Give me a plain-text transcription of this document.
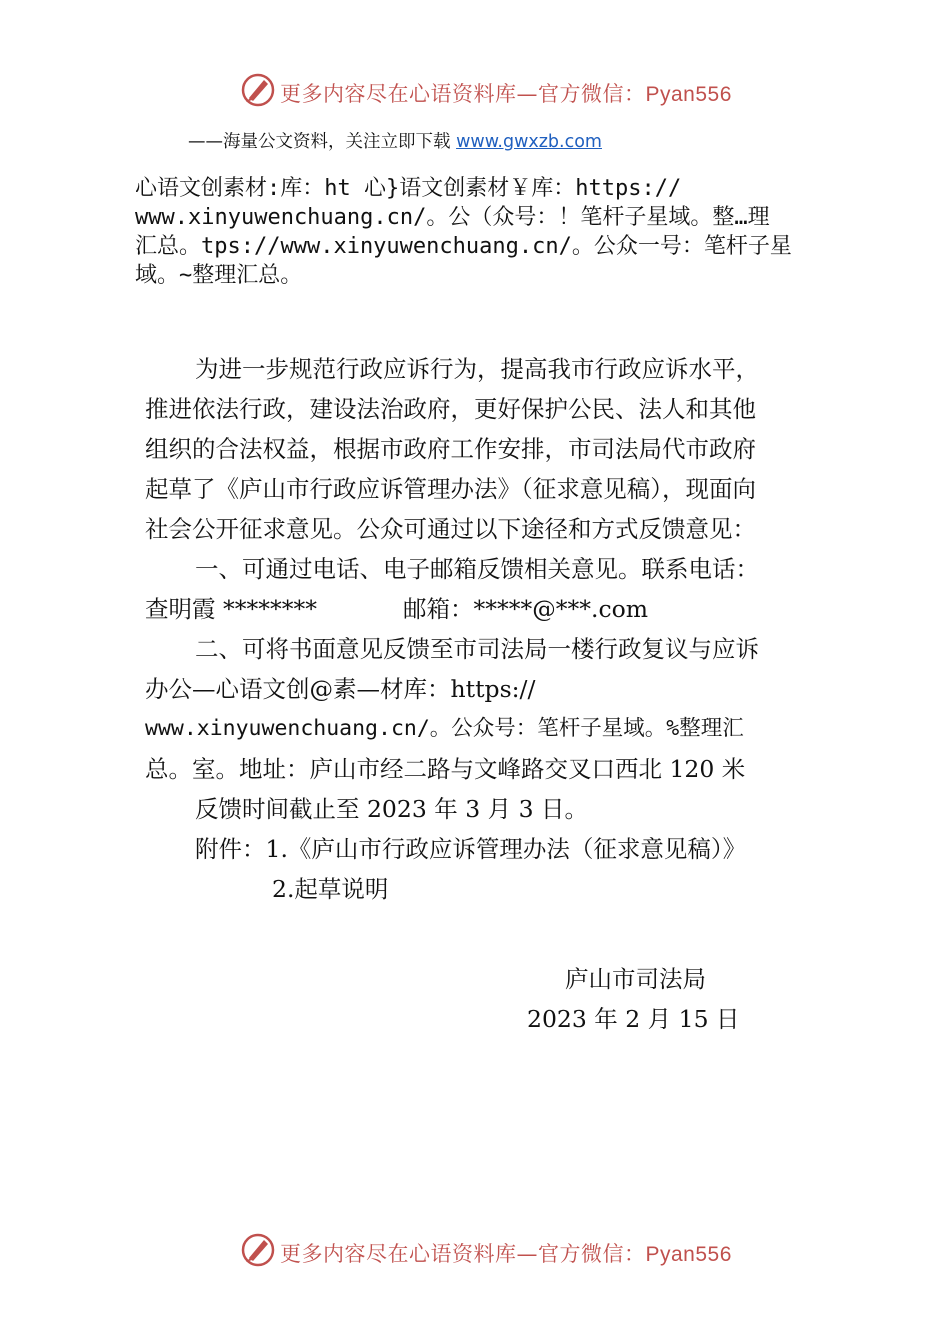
更多内容尽在心语资料库—官方微信：Pyan556
——海量公文资料，关注立即下载 www.gwxzb.com
心语文创素材:库：ht 心}语文创素材￥库：https://
www.xinyuwenchuang.cn/。公（众号：！笔杆子星域。整…理
汇总。tps://www.xinyuwenchuang.cn/。公众一号：笔杆子星
域。~整理汇总。
为进一步规范行政应诉行为，提高我市行政应诉水平，
推进依法行政，建设法治政府，更好保护公民、法人和其他
组织的合法权益，根据市政府工作安排，市司法局代市政府
起草了《庐山市行政应诉管理办法》（征求意见稿），现面向
社会公开征求意见。公众可通过以下途径和方式反馈意见：
一、可通过电话、电子邮箱反馈相关意见。联系电话：
查明霞 ********	邮箱：*****@***.com
二、可将书面意见反馈至市司法局一楼行政复议与应诉
办公—心语文创@素—材库：https://
www.xinyuwenchuang.cn/。公众号：笔杆子星域。%整理汇
总。室。地址：庐山市经二路与文峰路交叉口西北 120 米
反馈时间截止至 2023 年 3 月 3 日。
附件：1.《庐山市行政应诉管理办法（征求意见稿）》
2.起草说明
庐山市司法局
2023 年 2 月 15 日
更多内容尽在心语资料库—官方微信：Pyan556
